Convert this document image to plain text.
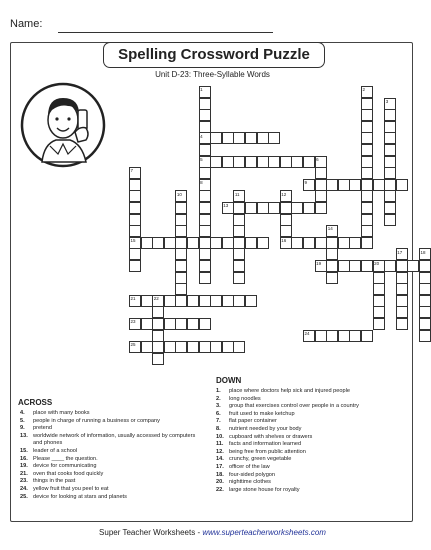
Name:
Spelling Crossword Puzzle
Unit D-23: Three-Syllable Words
1	2
3
4
5	6
7
8	9
10	11	12
13
14
15	16
17	18
19	20
21	22
23
24
25
ACROSS
4. place with many books
5. people in charge of running a business or company
9. pretend
13. worldwide network of information, usually accessed by computers and phones
15. leader of a school
16. Please ____ the question.
19. device for communicating
21. oven that cooks food quickly
23. things in the past
24. yellow fruit that you peel to eat
25. device for looking at stars and planets
DOWN
1. place where doctors help sick and injured people
2. long noodles
3. group that exercises control over people in a country
6. fruit used to make ketchup
7. flat paper container
8. nutrient needed by your body
10. cupboard with shelves or drawers
11. facts and information learned
12. being free from public attention
14. crunchy, green vegetable
17. officer of the law
18. four-sided polygon
20. nighttime clothes
22. large stone house for royalty
Super Teacher Worksheets - www.superteacherworksheets.com
